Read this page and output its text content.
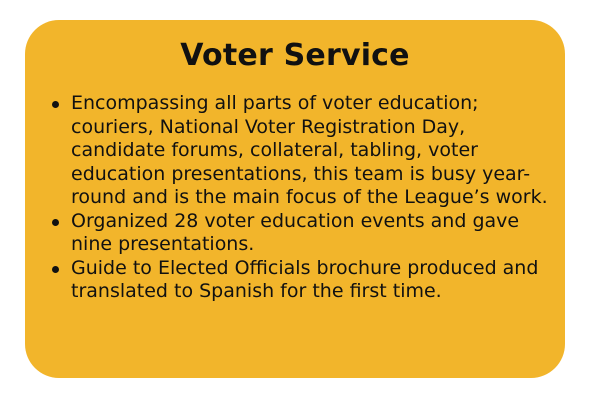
Voter Service
Encompassing all parts of voter education; couriers, National Voter Registration Day, candidate forums, collateral, tabling, voter education presentations, this team is busy year-round and is the main focus of the League’s work.
Organized 28 voter education events and gave nine presentations.
Guide to Elected Officials brochure produced and translated to Spanish for the first time.
